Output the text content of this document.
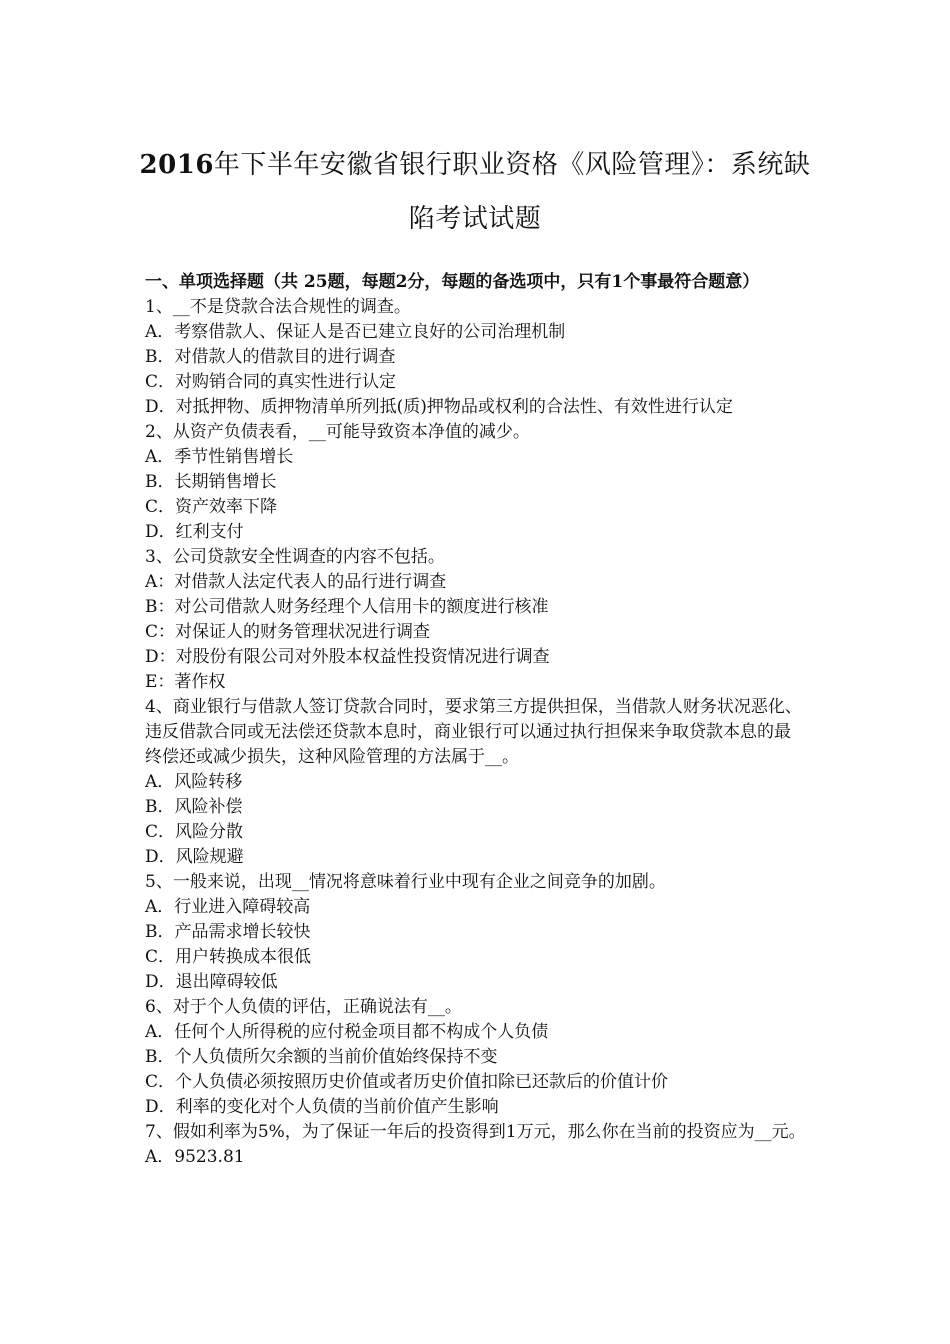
2016年下半年安徽省银行职业资格《风险管理》：系统缺
陷考试试题
一、单项选择题（共 25题，每题2分，每题的备选项中，只有1个事最符合题意）
1、__不是贷款合法合规性的调查。
A．考察借款人、保证人是否已建立良好的公司治理机制
B．对借款人的借款目的进行调查
C．对购销合同的真实性进行认定
D．对抵押物、质押物清单所列抵(质)押物品或权利的合法性、有效性进行认定
2、从资产负债表看，__可能导致资本净值的减少。
A．季节性销售增长
B．长期销售增长
C．资产效率下降
D．红利支付
3、公司贷款安全性调查的内容不包括。
A：对借款人法定代表人的品行进行调查
B：对公司借款人财务经理个人信用卡的额度进行核准
C：对保证人的财务管理状况进行调查
D：对股份有限公司对外股本权益性投资情况进行调查
E：著作权
4、商业银行与借款人签订贷款合同时，要求第三方提供担保，当借款人财务状况恶化、违反借款合同或无法偿还贷款本息时，商业银行可以通过执行担保来争取贷款本息的最终偿还或减少损失，这种风险管理的方法属于__。
A．风险转移
B．风险补偿
C．风险分散
D．风险规避
5、一般来说，出现__情况将意味着行业中现有企业之间竞争的加剧。
A．行业进入障碍较高
B．产品需求增长较快
C．用户转换成本很低
D．退出障碍较低
6、对于个人负债的评估，正确说法有__。
A．任何个人所得税的应付税金项目都不构成个人负债
B．个人负债所欠余额的当前价值始终保持不变
C．个人负债必须按照历史价值或者历史价值扣除已还款后的价值计价
D．利率的变化对个人负债的当前价值产生影响
7、假如利率为5%，为了保证一年后的投资得到1万元，那么你在当前的投资应为__元。
A．9523.81
